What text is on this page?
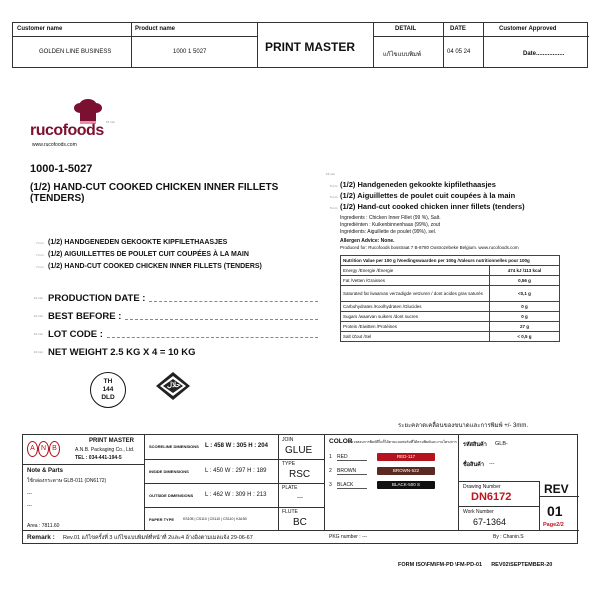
Customer name
GOLDEN LINE BUSINESS
Product name
1000 1 5027	PRINT MASTER
DETAIL
แก้ไขแบบพิมพ์
DATE
04 05 24
Customer Approved
Date.................
rucofoods
www.rucofoods.com
15 mm
1000-1-5027
(1/2) HAND-CUT COOKED CHICKEN INNER FILLETS (TENDERS)
(1/2) HANDGENEDEN GEKOOKTE KIPFILETHAASJES
(1/2) AIGUILLETTES DE POULET CUIT COUPÉES À LA MAIN
(1/2) HAND-CUT COOKED CHICKEN INNER FILLETS (TENDERS)
7 mm
7 mm
7 mm
PRODUCTION DATE :
BEST BEFORE :
LOT CODE :
NET WEIGHT 2.5 KG X 4 = 10 KG
10 mm
10 mm
10 mm
10 mm
TH
144
DLD
حلال
(1/2) Handgeneden gekookte kipfilethaasjes
(1/2) Aiguillettes de poulet cuit coupées à la main
(1/2) Hand-cut cooked chicken inner fillets (tenders)
Ingredients : Chicken Inner Fillet (99 %), Salt.
Ingrediënten : Kuikenbinnenhaas (99%), zout
Ingrédients: Aiguillette de poulet (99%), sel.
Allergen Advice: None.
Produced for: Rucofoods bosstraat 7 B-8780 Oostrozebeke Belgium. www.rucofoods.com
Nutrition Value per 100 g /Voedingswaarden per 100g /Valeurs nutritionnelles pour 100g	
Energy /Energie /Énergie	474 kJ /113 kcal
Fat /Vetten /Graisses	0,56 g
Saturated fat /waarvan verzadigde vetzuren / dont acides gras saturés	<0,1 g
Carbohydrates /Koolhydraten /Glucides	0 g
Sugars /waarvan suikers /dont sucres	0 g
Protein /Eiwitten /Protéines	27 g
Salt /Zout /Sel	< 0,5 g
15 mm
5 mm
5 mm
5 mm
ระยะคลาดเคลื่อนของขนาดและการพิมพ์ +/- 3mm.
A N B
PRINT MASTER
A.N.B. Packaging Co., Ltd.
TEL : 034-441-194-5
Note & Parts
ใช้กล่องกระดาษ GLB-011 (DN6172)
---
---
Area : 7811.60
SCORELINE DIMENSIONS L : 458 W : 305 H : 204
INSIDE DIMENSIONS	L : 450 W : 297 H : 189
OUTSIDE DIMENSIONS L : 462 W : 309 H : 213
PAPER TYPE	KS105 | CS110 | CS110 | CS110 | KA150
JOIN
GLUE
TYPE
RSC
PLATE
---
FLUTE
BC
COLOR
ตรวจสอบการพิมพ์สีใดก็ได้ตามแบบฟอร์มที่ได้ตามพิมพ์และงานโครงการ
1	RED	RED-117
2	BROWN	BROWN-522
3	BLACK	BLACK-500 S
PKG number : ---
รหัสสินค้า GLB-
ชื่อสินค้า ---
Drawing Number
DN6172
Work Number
67-1364
REV
01
Page2/2
By : Chanin.S
Remark : Rev.01 แก้ไขครั้งที่ 3 แก้ไขแบบพิมพ์ที่หน้าที่ 2และ4 อ้างอิงตามเมลแจ้ง 29-06-67
FORM ISO\FM\FM-PD \FM-PD-01      REV02\SEPTEMBER-20
